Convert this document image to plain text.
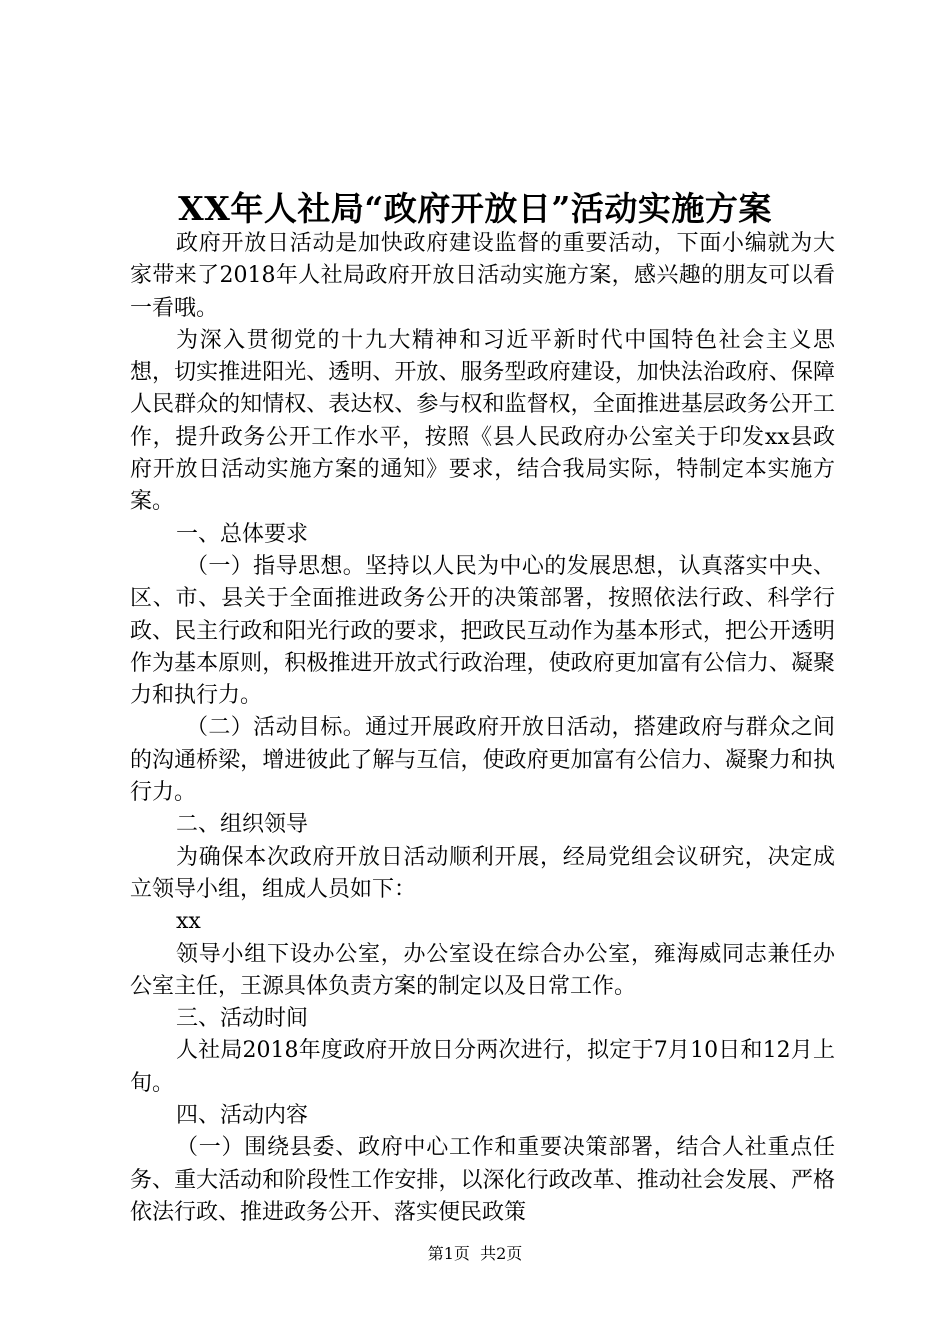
XX年人社局“政府开放日”活动实施方案

政府开放日活动是加快政府建设监督的重要活动，下面小编就为大家带来了2018年人社局政府开放日活动实施方案，感兴趣的朋友可以看一看哦。

为深入贯彻党的十九大精神和习近平新时代中国特色社会主义思想，切实推进阳光、透明、开放、服务型政府建设，加快法治政府、保障人民群众的知情权、表达权、参与权和监督权，全面推进基层政务公开工作，提升政务公开工作水平，按照《县人民政府办公室关于印发xx县政府开放日活动实施方案的通知》要求，结合我局实际，特制定本实施方案。

一、总体要求

（一）指导思想。坚持以人民为中心的发展思想，认真落实中央、区、市、县关于全面推进政务公开的决策部署，按照依法行政、科学行政、民主行政和阳光行政的要求，把政民互动作为基本形式，把公开透明作为基本原则，积极推进开放式行政治理，使政府更加富有公信力、凝聚力和执行力。

（二）活动目标。通过开展政府开放日活动，搭建政府与群众之间的沟通桥梁，增进彼此了解与互信，使政府更加富有公信力、凝聚力和执行力。

二、组织领导

为确保本次政府开放日活动顺利开展，经局党组会议研究，决定成立领导小组，组成人员如下：

xx

领导小组下设办公室，办公室设在综合办公室，雍海威同志兼任办公室主任，王源具体负责方案的制定以及日常工作。

三、活动时间

人社局2018年度政府开放日分两次进行，拟定于7月10日和12月上旬。

四、活动内容

（一）围绕县委、政府中心工作和重要决策部署，结合人社重点任务、重大活动和阶段性工作安排，以深化行政改革、推动社会发展、严格依法行政、推进政务公开、落实便民政策

第1页  共2页
